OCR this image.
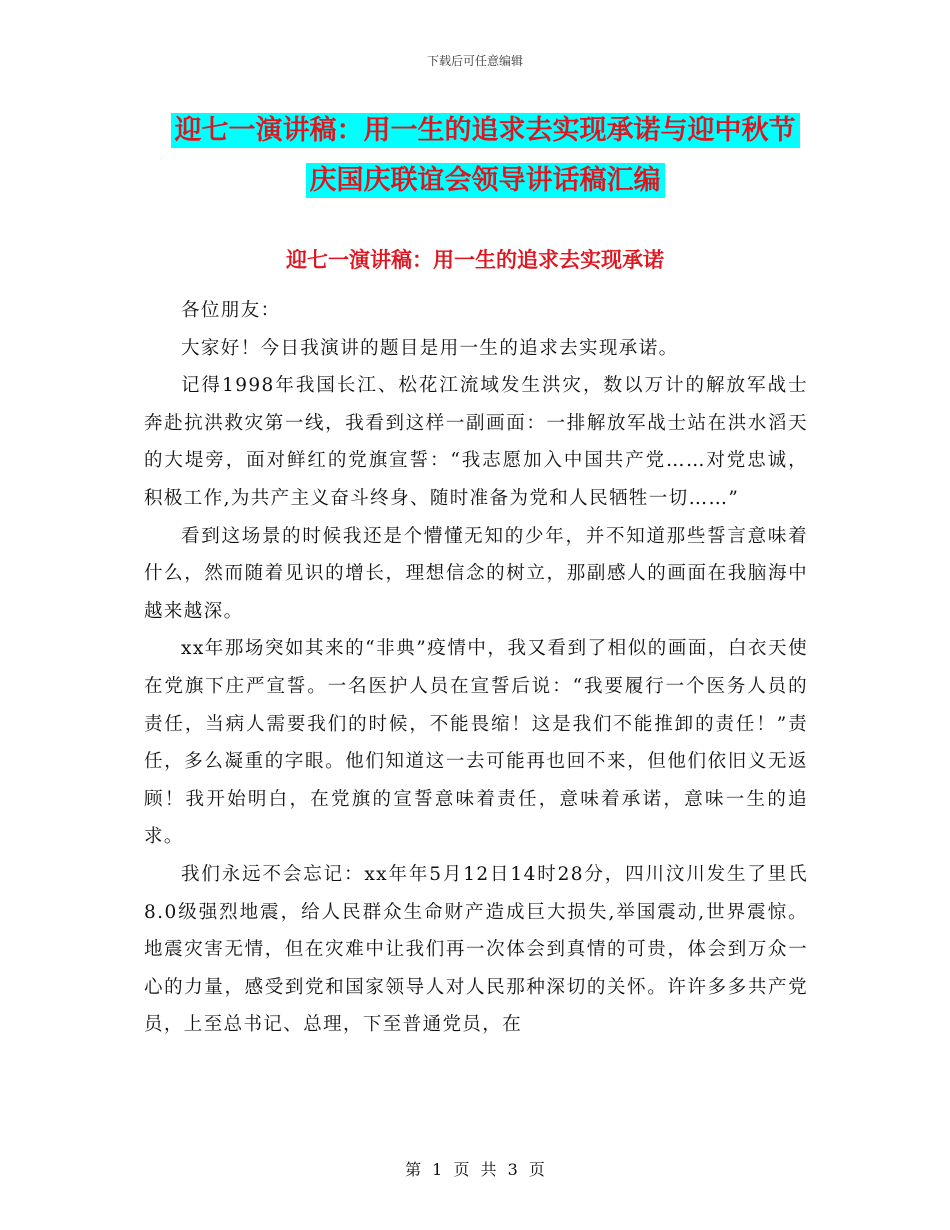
下载后可任意编辑
迎七一演讲稿：用一生的追求去实现承诺与迎中秋节
庆国庆联谊会领导讲话稿汇编
迎七一演讲稿：用一生的追求去实现承诺

各位朋友：

大家好！今日我演讲的题目是用一生的追求去实现承诺。

记得1998年我国长江、松花江流域发生洪灾，数以万计的解放军战士奔赴抗洪救灾第一线，我看到这样一副画面：一排解放军战士站在洪水滔天的大堤旁，面对鲜红的党旗宣誓：“我志愿加入中国共产党……对党忠诚，积极工作,为共产主义奋斗终身、随时准备为党和人民牺牲一切……”

看到这场景的时候我还是个懵懂无知的少年，并不知道那些誓言意味着什么，然而随着见识的增长，理想信念的树立，那副感人的画面在我脑海中越来越深。

xx年那场突如其来的“非典”疫情中，我又看到了相似的画面，白衣天使在党旗下庄严宣誓。一名医护人员在宣誓后说：“我要履行一个医务人员的责任，当病人需要我们的时候，不能畏缩！这是我们不能推卸的责任！”责任，多么凝重的字眼。他们知道这一去可能再也回不来，但他们依旧义无返顾！我开始明白，在党旗的宣誓意味着责任，意味着承诺，意味一生的追求。

我们永远不会忘记：xx年年5月12日14时28分，四川汶川发生了里氏8.0级强烈地震，给人民群众生命财产造成巨大损失,举国震动,世界震惊。地震灾害无情，但在灾难中让我们再一次体会到真情的可贵，体会到万众一心的力量，感受到党和国家领导人对人民那种深切的关怀。许许多多共产党员，上至总书记、总理，下至普通党员，在

第 1 页 共 3 页
